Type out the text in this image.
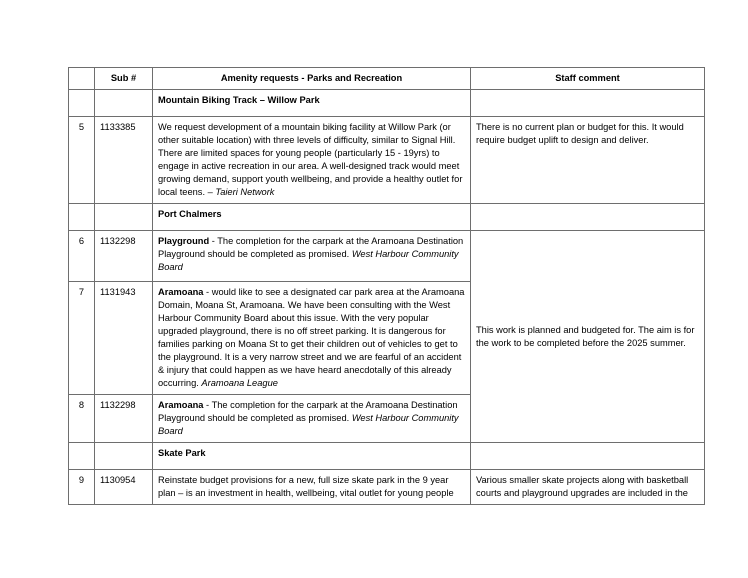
	Sub #	Amenity requests - Parks and Recreation	Staff comment
		Mountain Biking Track – Willow Park	
5	1133385	We request development of a mountain biking facility at Willow Park (or other suitable location) with three levels of difficulty, similar to Signal Hill. There are limited spaces for young people (particularly 15 - 19yrs) to engage in active recreation in our area. A well-designed track would meet growing demand, support youth wellbeing, and provide a healthy outlet for local teens. – Taieri Network	There is no current plan or budget for this. It would require budget uplift to design and deliver.
		Port Chalmers	
6	1132298	Playground - The completion for the carpark at the Aramoana Destination Playground should be completed as promised. West Harbour Community Board	This work is planned and budgeted for. The aim is for the work to be completed before the 2025 summer.
7	1131943	Aramoana - would like to see a designated car park area at the Aramoana Domain, Moana St, Aramoana. We have been consulting with the West Harbour Community Board about this issue. With the very popular upgraded playground, there is no off street parking. It is dangerous for families parking on Moana St to get their children out of vehicles to get to the playground. It is a very narrow street and we are fearful of an accident & injury that could happen as we have heard anecdotally of this already occurring. Aramoana League	
8	1132298	Aramoana - The completion for the carpark at the Aramoana Destination Playground should be completed as promised. West Harbour Community Board	
		Skate Park	
9	1130954	Reinstate budget provisions for a new, full size skate park in the 9 year plan – is an investment in health, wellbeing, vital outlet for young people	Various smaller skate projects along with basketball courts and playground upgrades are included in the
